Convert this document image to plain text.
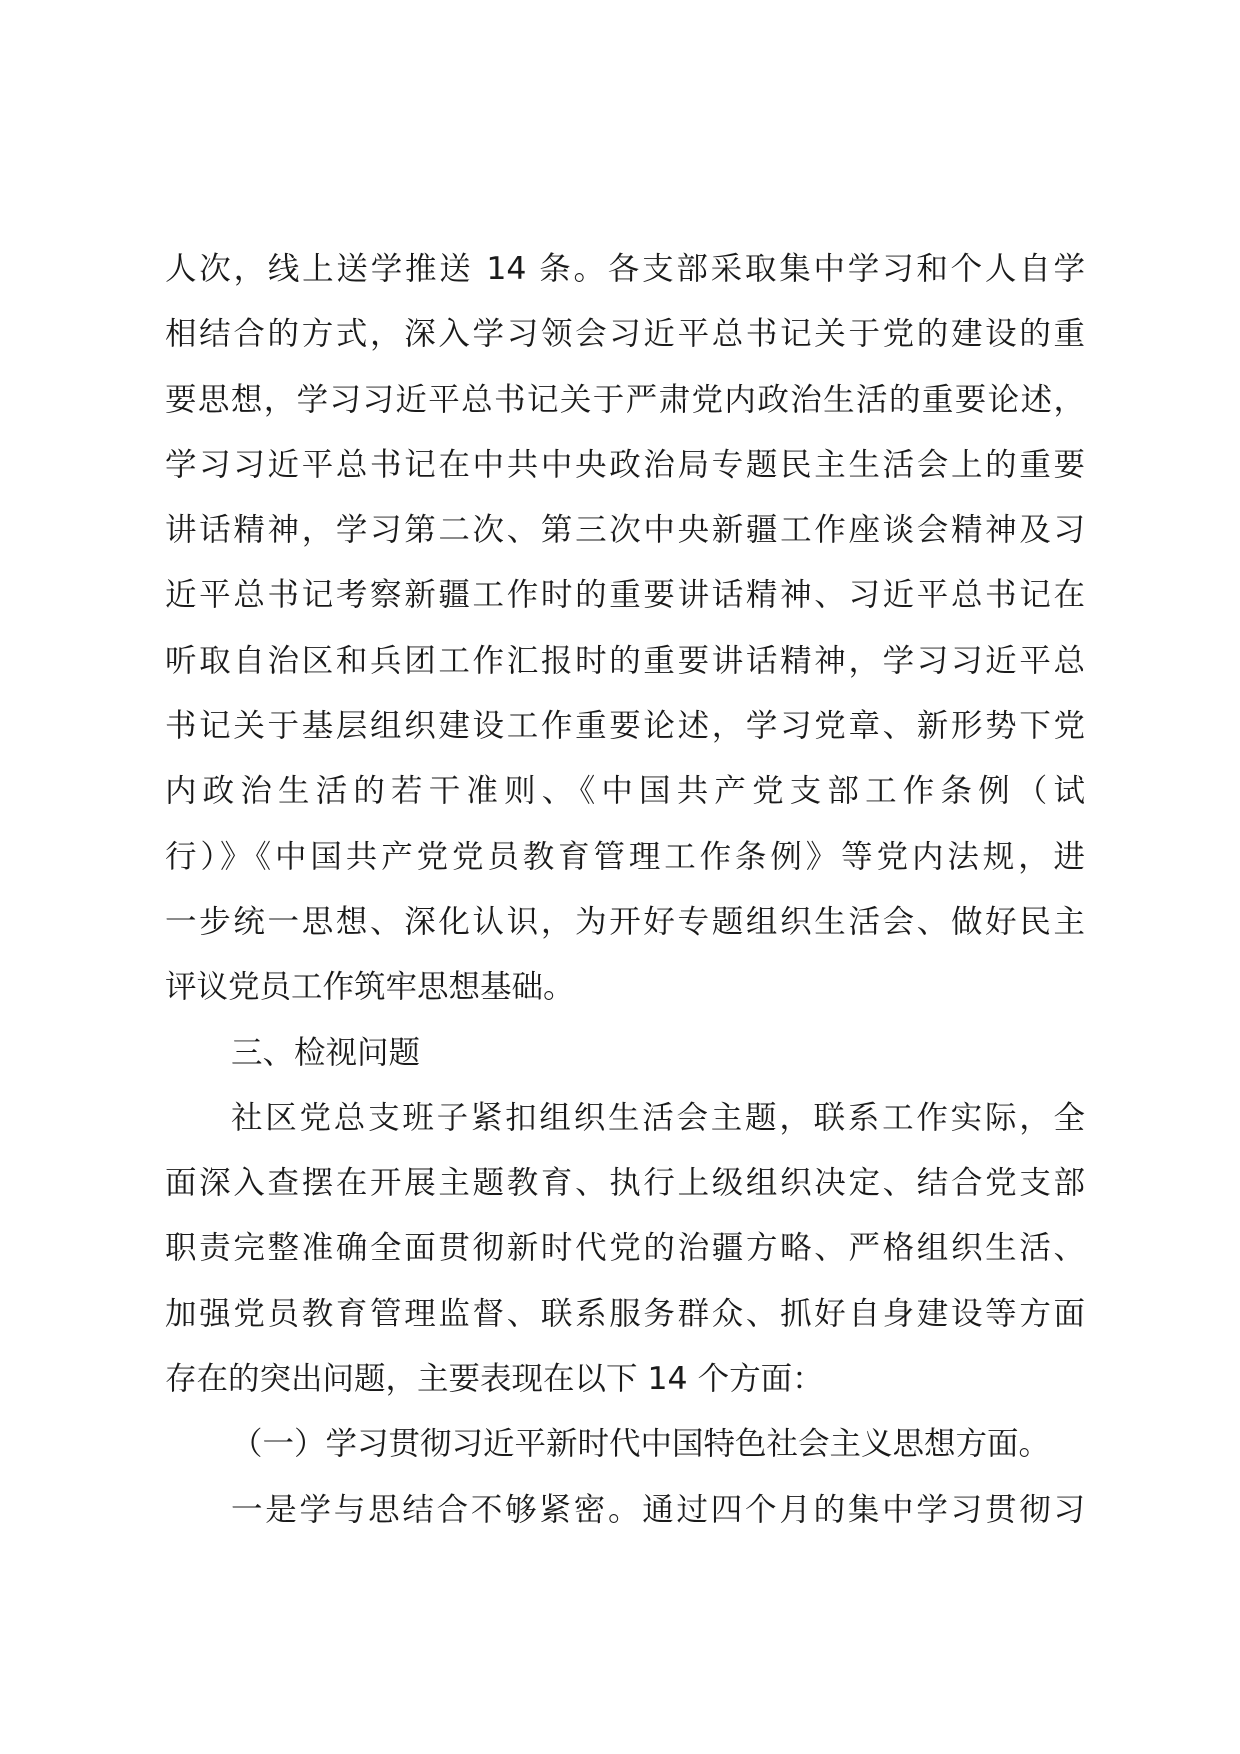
人次，线上送学推送 14 条。各支部采取集中学习和个人自学
相结合的方式，深入学习领会习近平总书记关于党的建设的重
要思想，学习习近平总书记关于严肃党内政治生活的重要论述，
学习习近平总书记在中共中央政治局专题民主生活会上的重要
讲话精神，学习第二次、第三次中央新疆工作座谈会精神及习
近平总书记考察新疆工作时的重要讲话精神、习近平总书记在
听取自治区和兵团工作汇报时的重要讲话精神，学习习近平总
书记关于基层组织建设工作重要论述，学习党章、新形势下党
内政治生活的若干准则、《中国共产党支部工作条例（试
行）》《中国共产党党员教育管理工作条例》等党内法规，进
一步统一思想、深化认识，为开好专题组织生活会、做好民主
评议党员工作筑牢思想基础。
三、检视问题
社区党总支班子紧扣组织生活会主题，联系工作实际，全
面深入查摆在开展主题教育、执行上级组织决定、结合党支部
职责完整准确全面贯彻新时代党的治疆方略、严格组织生活、
加强党员教育管理监督、联系服务群众、抓好自身建设等方面
存在的突出问题，主要表现在以下 14 个方面：
（一）学习贯彻习近平新时代中国特色社会主义思想方面。
一是学与思结合不够紧密。通过四个月的集中学习贯彻习
